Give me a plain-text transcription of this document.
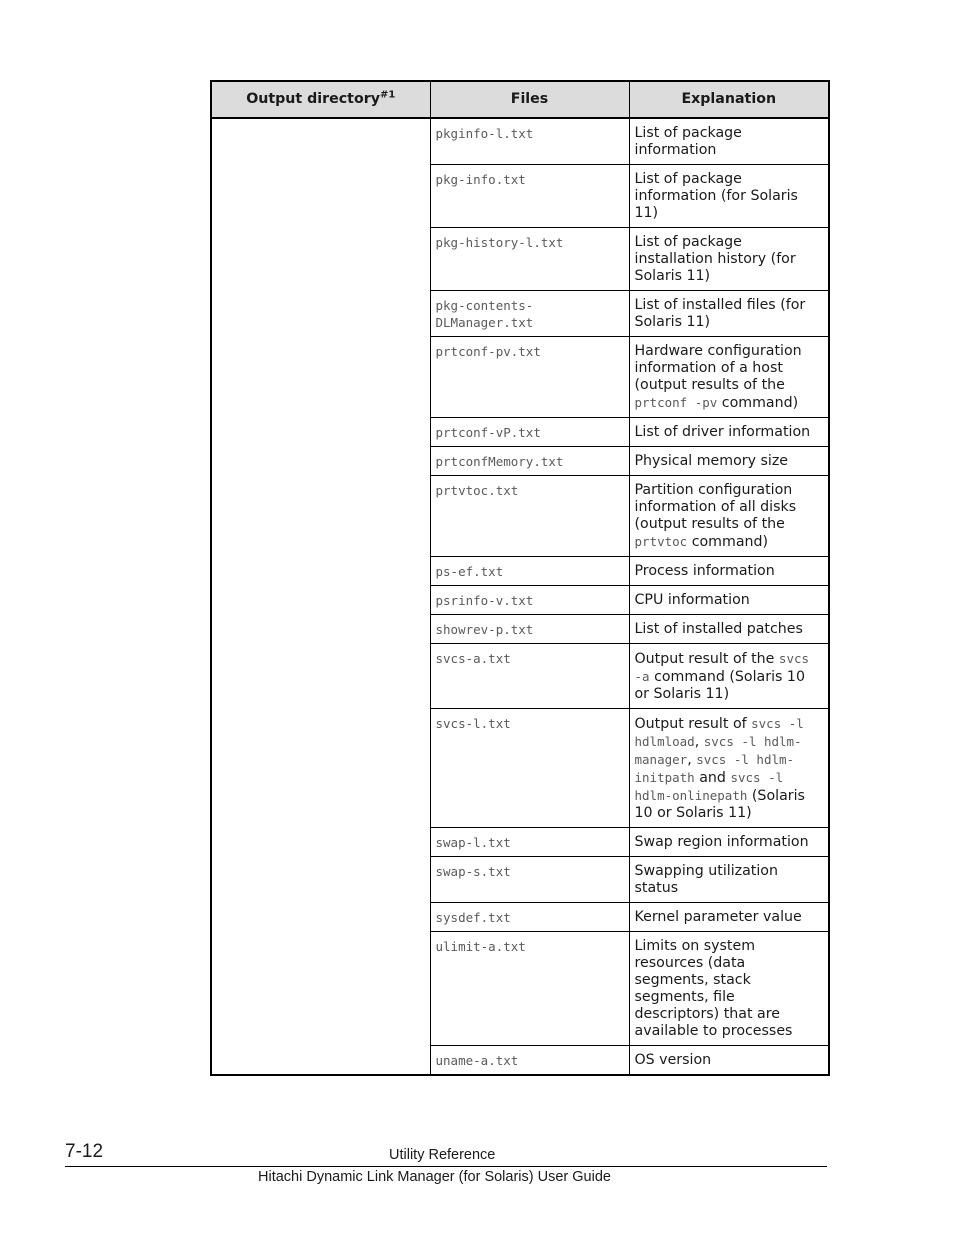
Output directory$^{\#1}$	Files	Explanation
	pkginfo-l.txt	List of package information
	pkg-info.txt	List of package information (for Solaris 11)
	pkg-history-l.txt	List of package installation history (for Solaris 11)
	pkg-contents-DLManager.txt	List of installed files (for Solaris 11)
	prtconf-pv.txt	Hardware configuration information of a host (output results of the prtconf -pv command)
	prtconf-vP.txt	List of driver information
	prtconfMemory.txt	Physical memory size
	prtvtoc.txt	Partition configuration information of all disks (output results of the prtvtoc command)
	ps-ef.txt	Process information
	psrinfo-v.txt	CPU information
	showrev-p.txt	List of installed patches
	svcs-a.txt	Output result of the svcs -a command (Solaris 10 or Solaris 11)
	svcs-l.txt	Output result of svcs -l hdlmload, svcs -l hdlm-manager, svcs -l hdlm-initpath and svcs -l hdlm-onlinepath (Solaris 10 or Solaris 11)
	swap-l.txt	Swap region information
	swap-s.txt	Swapping utilization status
	sysdef.txt	Kernel parameter value
	ulimit-a.txt	Limits on system resources (data segments, stack segments, file descriptors) that are available to processes
	uname-a.txt	OS version
7-12	Utility Reference
Hitachi Dynamic Link Manager (for Solaris) User Guide
